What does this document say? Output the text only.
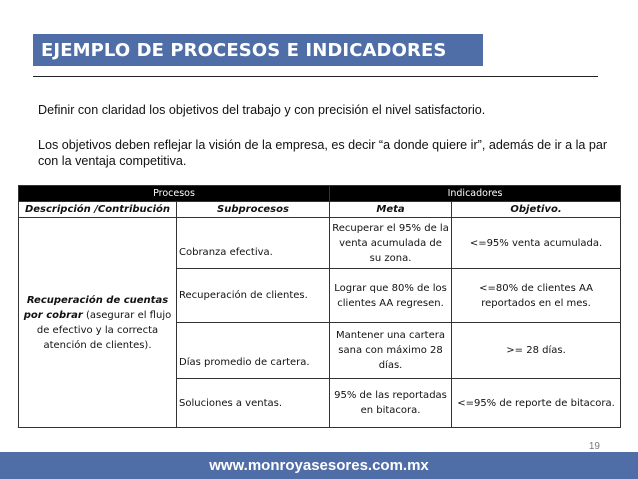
EJEMPLO DE PROCESOS E INDICADORES
Definir con claridad los objetivos del trabajo y con precisión el nivel satisfactorio.
Los objetivos deben reflejar la visión de la empresa, es decir “a donde quiere ir”, además de ir a la par con la ventaja competitiva.
Procesos		Indicadores	
Descripción /Contribución	Subprocesos	Meta	Objetivo.
Recuperación de cuentas por cobrar (asegurar el flujo de efectivo y la correcta atención de clientes).	Cobranza efectiva.	Recuperar el 95% de la venta acumulada de su zona.	<=95% venta acumulada.
	Recuperación de clientes.	Lograr que 80% de los clientes AA regresen.	<=80% de clientes AA reportados en el mes.
	Días promedio de cartera.	Mantener una cartera sana con máximo 28 días.	>= 28 días.
	Soluciones a ventas.	95% de las reportadas en bitacora.	<=95% de reporte de bitacora.
19
www.monroyasesores.com.mx
